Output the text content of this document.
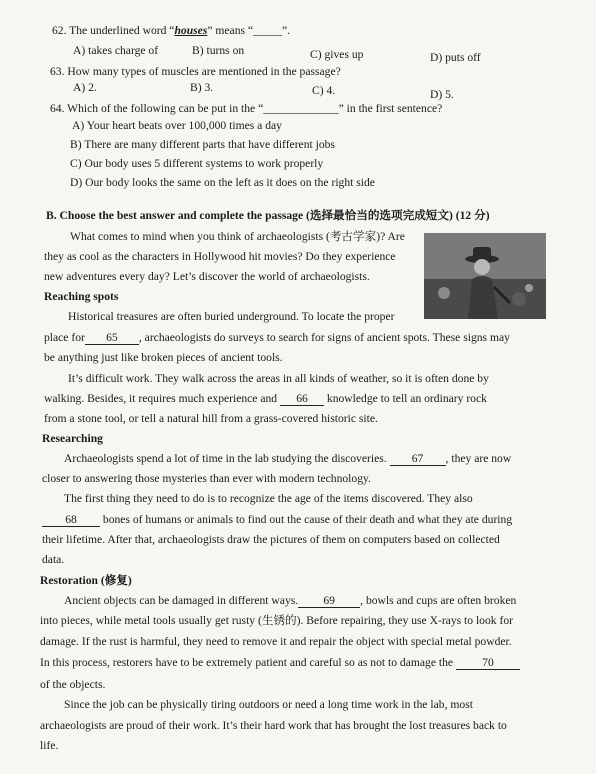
62. The underlined word “houses” means “_____”.
A) takes charge of	B) turns on	C) gives up	D) puts off
63. How many types of muscles are mentioned in the passage?
A) 2.	B) 3.	C) 4.	D) 5.
64. Which of the following can be put in the “_____________” in the first sentence?
A) Your heart beats over 100,000 times a day
B) There are many different parts that have different jobs
C) Our body uses 5 different systems to work properly
D) Our body looks the same on the left as it does on the right side
B. Choose the best answer and complete the passage (选择最恰当的选项完成短文) (12 分)
What comes to mind when you think of archaeologists (考古学家)? Are
they as cool as the characters in Hollywood hit movies? Do they experience
new adventures every day? Let’s discover the world of archaeologists.
Reaching spots
Historical treasures are often buried underground. To locate the proper
place for 65 , archaeologists do surveys to search for signs of ancient spots. These signs may
be anything just like broken pieces of ancient tools.
It’s difficult work. They walk across the areas in all kinds of weather, so it is often done by
walking. Besides, it requires much experience and 66 knowledge to tell an ordinary rock
from a stone tool, or tell a natural hill from a grass-covered historic site.
Researching
Archaeologists spend a lot of time in the lab studying the discoveries. 67 , they are now
closer to answering those mysteries than ever with modern technology.
The first thing they need to do is to recognize the age of the items discovered. They also
68 bones of humans or animals to find out the cause of their death and what they ate during
their lifetime. After that, archaeologists draw the pictures of them on computers based on collected
data.
Restoration (修复)
Ancient objects can be damaged in different ways. 69 , bowls and cups are often broken
into pieces, while metal tools usually get rusty (生锈的). Before repairing, they use X-rays to look for
damage. If the rust is harmful, they need to remove it and repair the object with special metal powder.
In this process, restorers have to be extremely patient and careful so as not to damage the	70
of the objects.
Since the job can be physically tiring outdoors or need a long time work in the lab, most
archaeologists are proud of their work. It’s their hard work that has brought the lost treasures back to
life.
